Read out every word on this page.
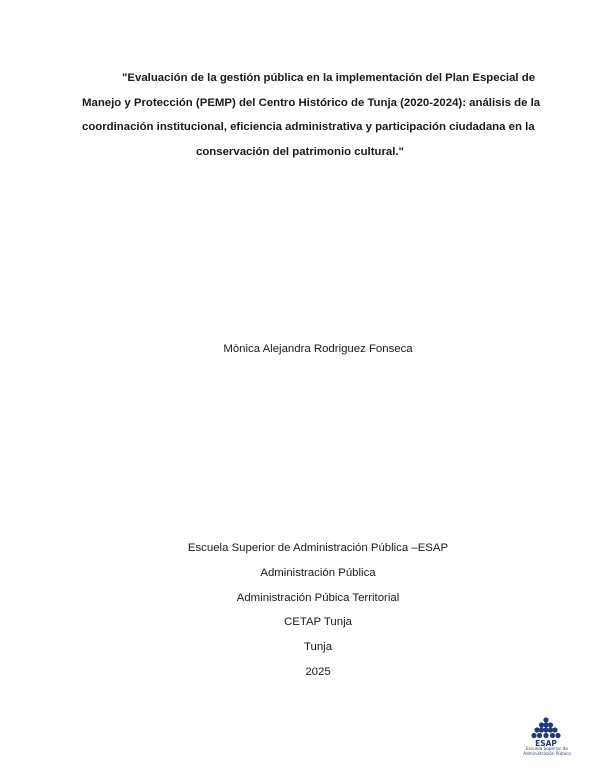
"Evaluación de la gestión pública en la implementación del Plan Especial de
Manejo y Protección (PEMP) del Centro Histórico de Tunja (2020-2024): análisis de la
coordinación institucional, eficiencia administrativa y participación ciudadana en la
conservación del patrimonio cultural."

Mònica Alejandra Rodriguez Fonseca

Escuela Superior de Administración Pública –ESAP
Administración Pública
Administración Púbica Territorial
CETAP Tunja
Tunja
2025
ESAP
Escuela Superior de
Administración Pública
